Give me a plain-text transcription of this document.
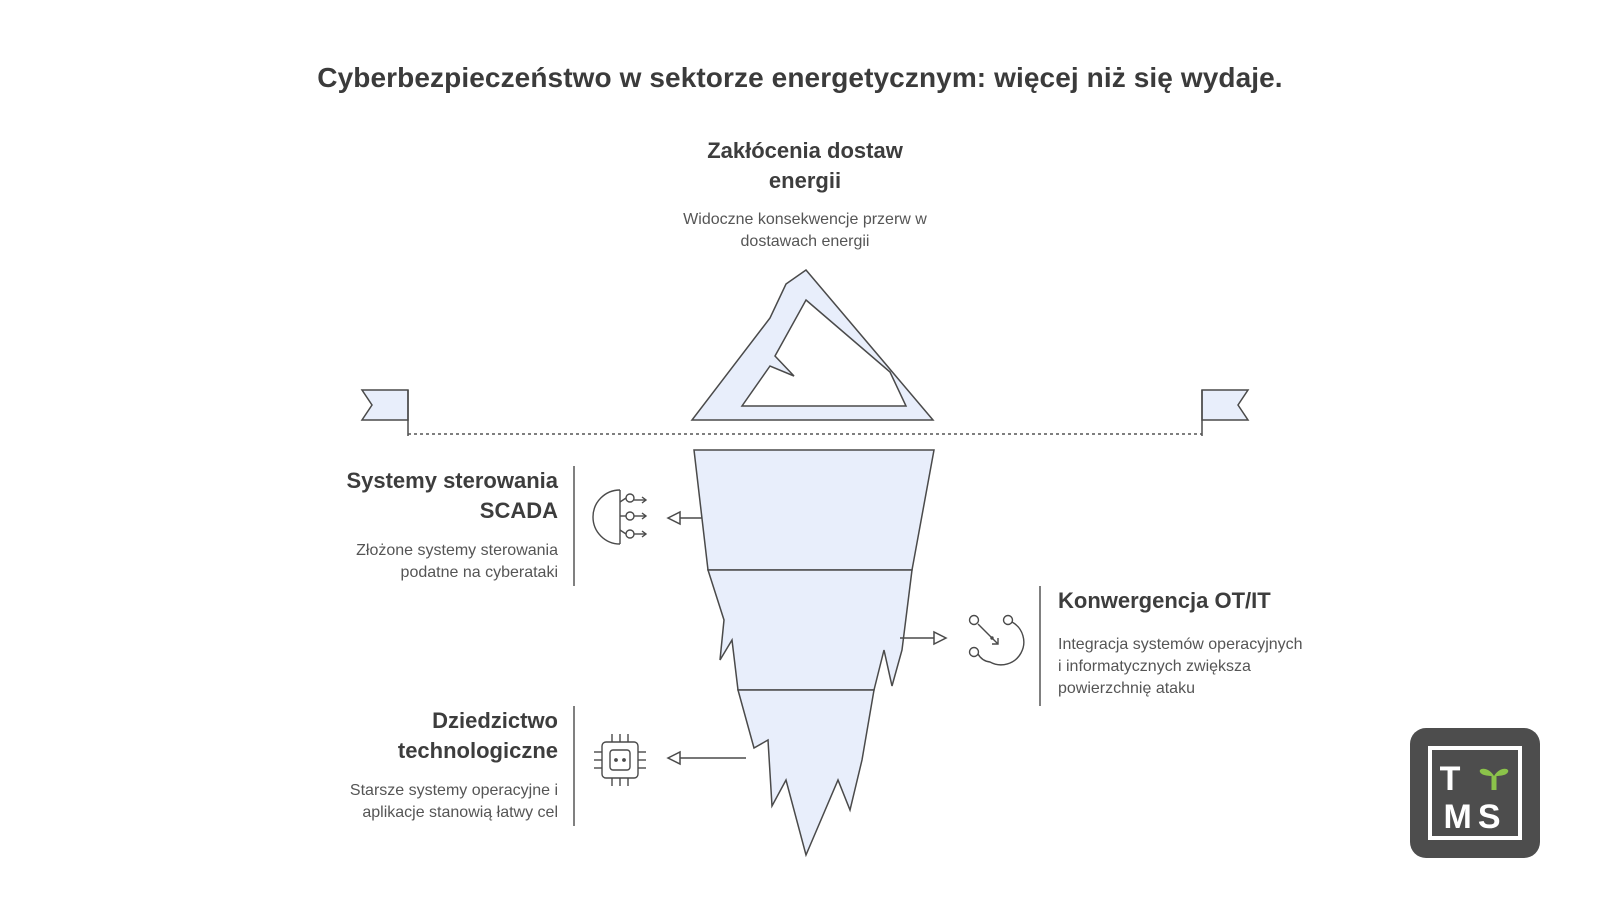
Cyberbezpieczeństwo w sektorze energetycznym: więcej niż się wydaje.
Zakłócenia dostaw
energii
Widoczne konsekwencje przerw w
dostawach energii
Systemy sterowania
SCADA
Złożone systemy sterowania
podatne na cyberataki
Konwergencja OT/IT
Integracja systemów operacyjnych
i informatycznych zwiększa
powierzchnię ataku
Dziedzictwo
technologiczne
Starsze systemy operacyjne i
aplikacje stanowią łatwy cel
T
MS
